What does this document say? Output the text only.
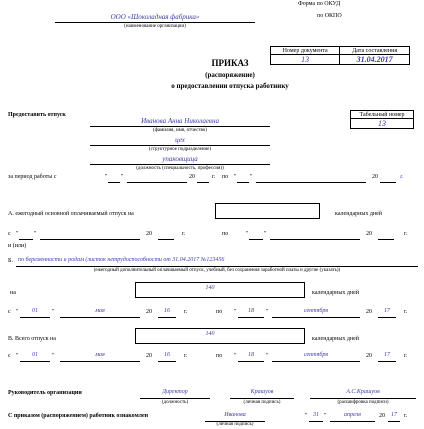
Форма по ОКУД
по ОКПО
ООО «Шоколадная фабрика»
(наименование организации)
Номер документа	Дата составления
13	31.04.2017
ПРИКАЗ
(распоряжение)
о предоставлении отпуска работнику
Предоставить отпуск
Иванова Анна Николаевна
(фамилия, имя, отчество)
Табельный номер
13
цех
(структурное подразделение)
упаковщица
(должность (специальность, профессия))
за период работы с	" "	20	г. по " "	20	г.
А. ежегодный основной оплачиваемый отпуск на	календарных дней
с "	"	20	г.	по	"	"	20	г.
и (или)
Б. по беременности и родам (листок нетрудоспособности от 31.04.2017 №123456
(ежегодный дополнительный оплачиваемый отпуск, учебный, без сохранения заработной платы и другие (указать))
на
140
календарных дней
с "	01	"	мая	20	16	г.	по "	18	"	сентября	20	17	г.
В. Всего отпуск на
140
календарных дней
с "	01	"	мая	20	16	г.	по "	18	"	сентября	20	17	г.
Руководитель организации	Директор
(должность)
Крашуов
(личная подпись)
А.С.Крашуов
(расшифровка подписи)
С приказом (распоряжением) работник ознакомлен	Иванова
(личная подпись)
" 31 "	апреля	20	17	г.
